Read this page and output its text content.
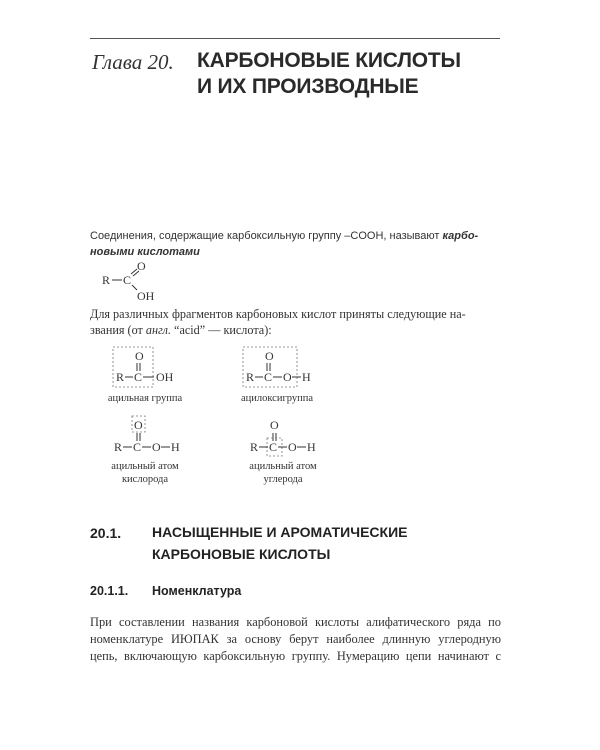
Глава 20. КАРБОНОВЫЕ КИСЛОТЫ
И ИХ ПРОИЗВОДНЫЕ
Соединения, содержащие карбоксильную группу –COOH, называют карбо-
новыми кислотами
R C
O
OH
Для различных фрагментов карбоновых кислот приняты следующие на-
звания (от англ. “acid” — кислота):
O
R C OH
ацильная группа
O
R C O H
ацилоксигруппа
O
R C O H
ацильный атом
кислорода
O
R C O H
ацильный атом
углерода
20.1. НАСЫЩЕННЫЕ И АРОМАТИЧЕСКИЕ
КАРБОНОВЫЕ КИСЛОТЫ
20.1.1. Номенклатура
При составлении названия карбоновой кислоты алифатического ряда по
номенклатуре ИЮПАК за основу берут наиболее длинную углеродную
цепь, включающую карбоксильную группу. Нумерацию цепи начинают с
